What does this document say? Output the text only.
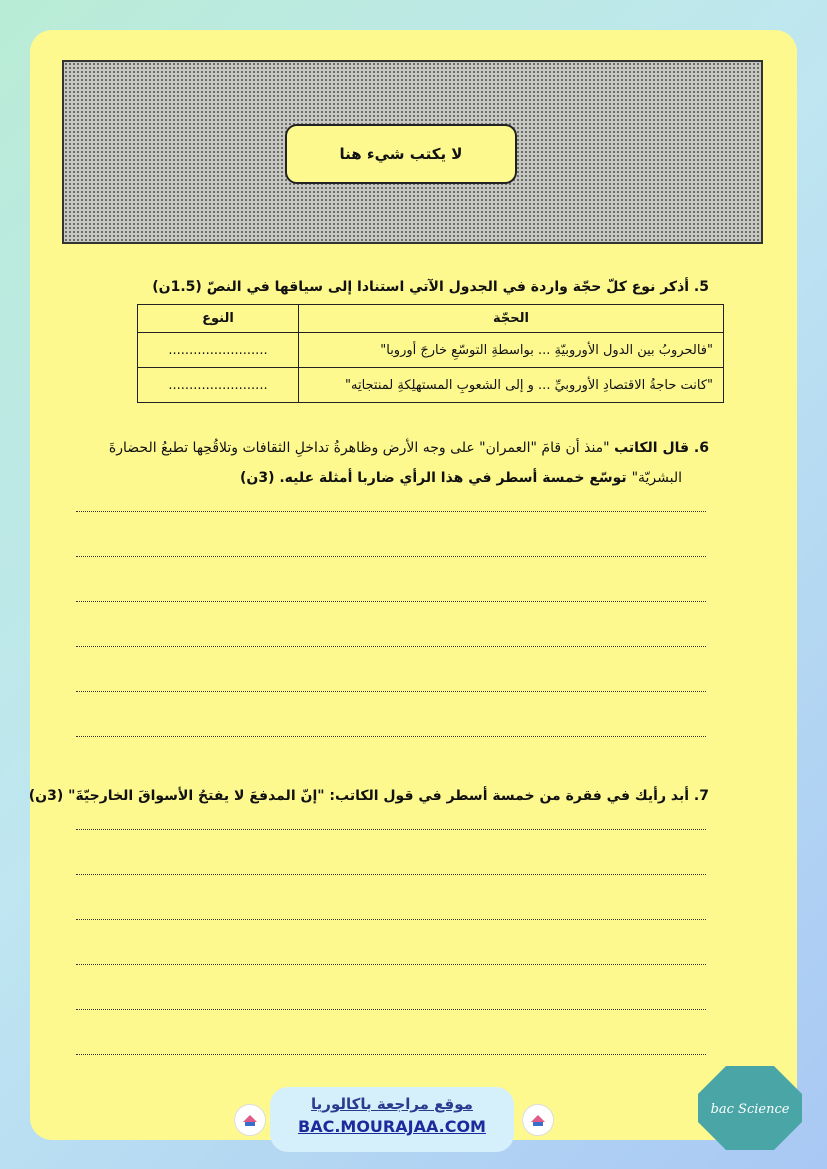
لا يكتب شيء هنا
5. أذكر نوع كلّ حجّة واردة في الجدول الآتي استنادا إلى سياقها في النصّ (1.5ن)
الحجّة	النوع
"فالحروبُ بين الدول الأوروبيّةِ ... بواسطةِ التوسّعِ خارجَ أوروبا"	........................
"كانت حاجةُ الاقتصادِ الأوروبيِّ ... و إلى الشعوبِ المستهلِكةِ لمنتجاتِه"	........................
6. قال الكاتب "منذ أن قامَ "العمران" على وجه الأرض وظاهرةُ تداخلِ الثقافات وتلاقُحِها تطبعُ الحضارةَ
البشريّة" توسّع خمسة أسطر في هذا الرأي ضاربا أمثلة عليه. (3ن)
7. أبد رأيك في فقرة من خمسة أسطر في قول الكاتب: "إنّ المدفعَ لا يفتحُ الأسواقَ الخارجيّةَ" (3ن)
موقع مراجعة باكالوريا
BAC.MOURAJAA.COM
bac Science
